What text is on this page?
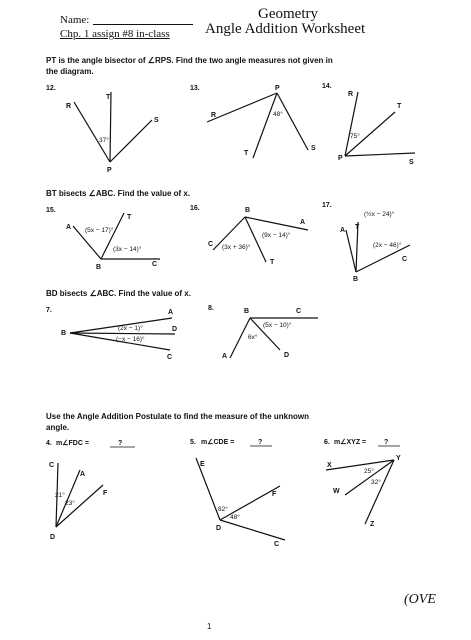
Name:
Chp. 1 assign #8 in-class
Geometry
Angle Addition Worksheet
PT is the angle bisector of ∠RPS. Find the two angle measures not given in the diagram.
BT bisects ∠ABC. Find the value of x.
BD bisects ∠ABC. Find the value of x.
Use the Angle Addition Postulate to find the measure of the unknown angle.
12.
R
T
S
P
37°
13.	P
R
T
S
48°
14.
R
T
P
S
75°
15.
A
T
B	C
(5x − 17)°
(3x − 14)°
16.	B
A
C
T
(9x − 14)°
(3x + 36)°
17.
A T
B
C
(½x − 24)°
(2x − 46)°
7.	A
B
D
C
(2x − 1)°
(−x − 16)°
8.	B	C
A	D
(5x − 10)°
6x°
4. m∠FDC =	?
C
A
F
D
21°
23°
5. m∠CDE =	?
E
F
D
C
82°
48°
6. m∠XYZ =	?
X
Y
W
Z
25°
32°
(OVE
1
